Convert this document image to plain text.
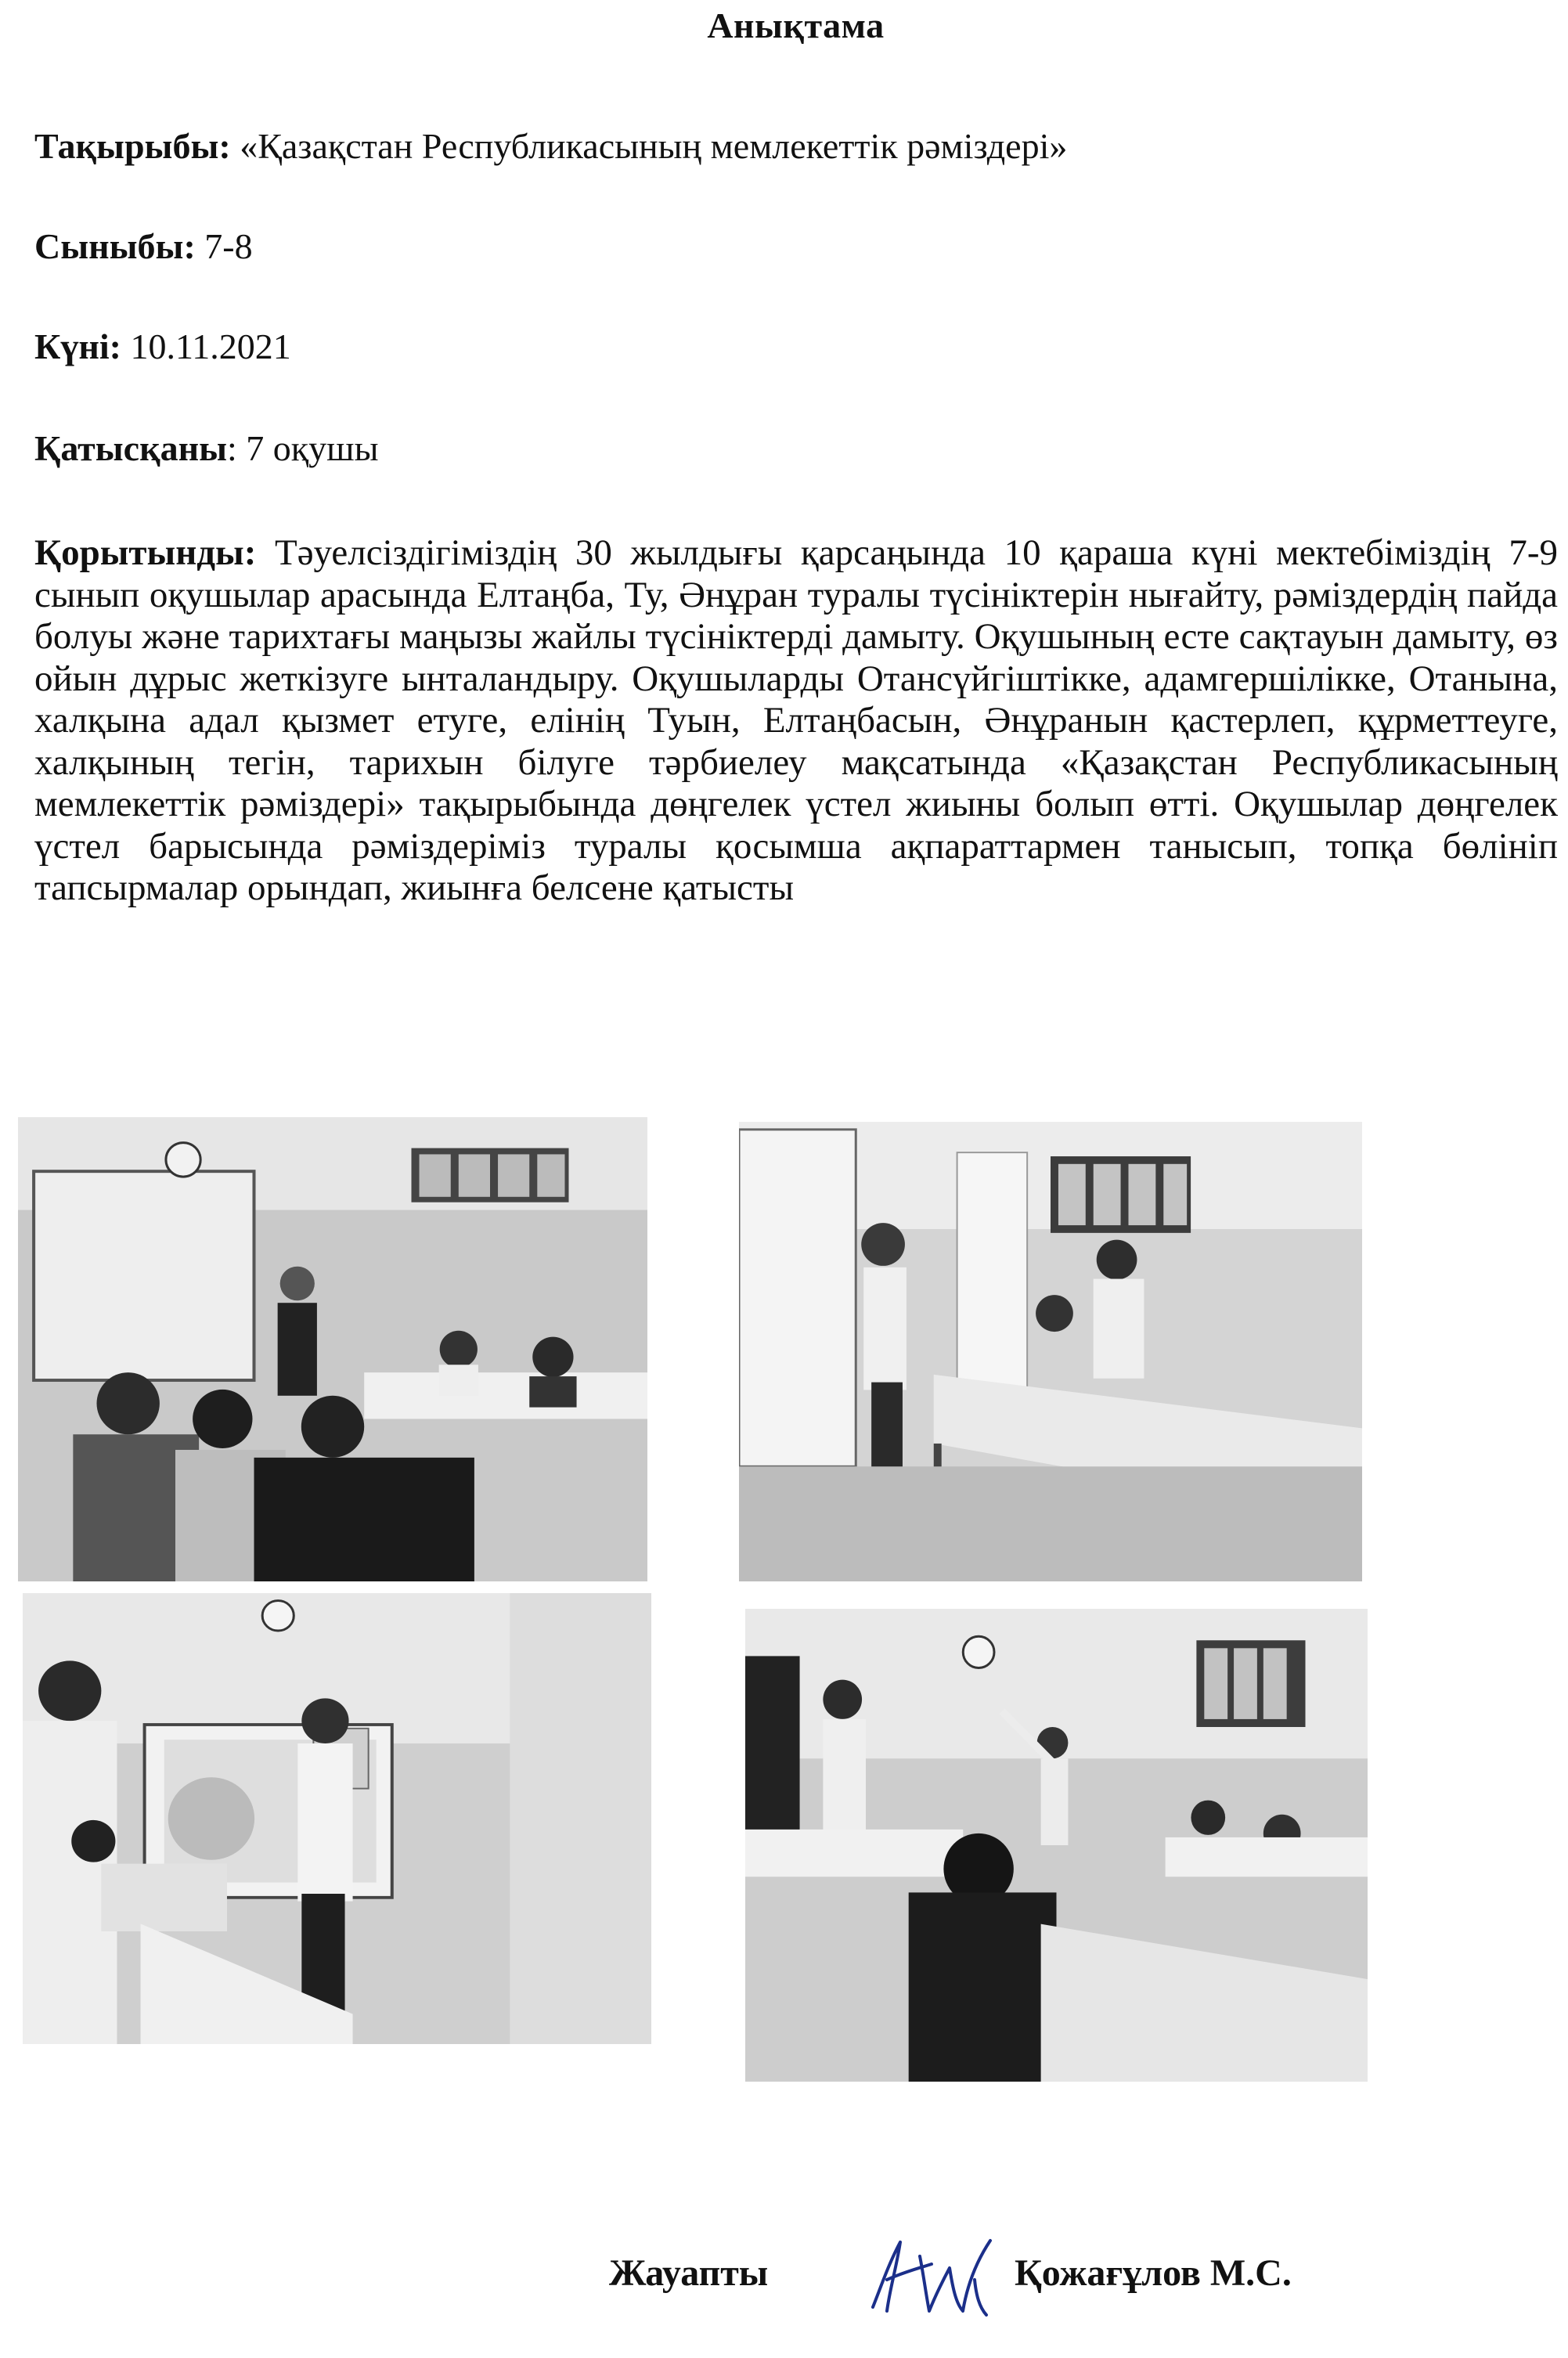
Анықтама
Тақырыбы: «Қазақстан Республикасының мемлекеттік рәміздері»
Сыныбы: 7-8
Күні: 10.11.2021
Қатысқаны: 7 оқушы
Қорытынды: Тәуелсіздігіміздің 30 жылдығы қарсаңында 10 қараша күні мектебіміздің 7-9 сынып оқушылар арасында Елтаңба, Ту, Әнұран туралы түсініктерін нығайту, рәміздердің пайда болуы және тарихтағы маңызы жайлы түсініктерді дамыту. Оқушының есте сақтауын дамыту, өз ойын дұрыс жеткізуге ынталандыру. Оқушыларды Отансүйгіштікке, адамгершілікке, Отанына, халқына адал қызмет етуге, елінің Туын, Елтаңбасын, Әнұранын қастерлеп, құрметтеуге, халқының тегін, тарихын білуге тәрбиелеу мақсатында «Қазақстан Республикасының мемлекеттік рәміздері» тақырыбында дөңгелек үстел жиыны болып өтті. Оқушылар дөңгелек үстел барысында рәміздеріміз туралы қосымша ақпараттармен танысып, топқа бөлініп тапсырмалар орындап, жиынға белсене қатысты
Жауапты	Қожағұлов М.С.
